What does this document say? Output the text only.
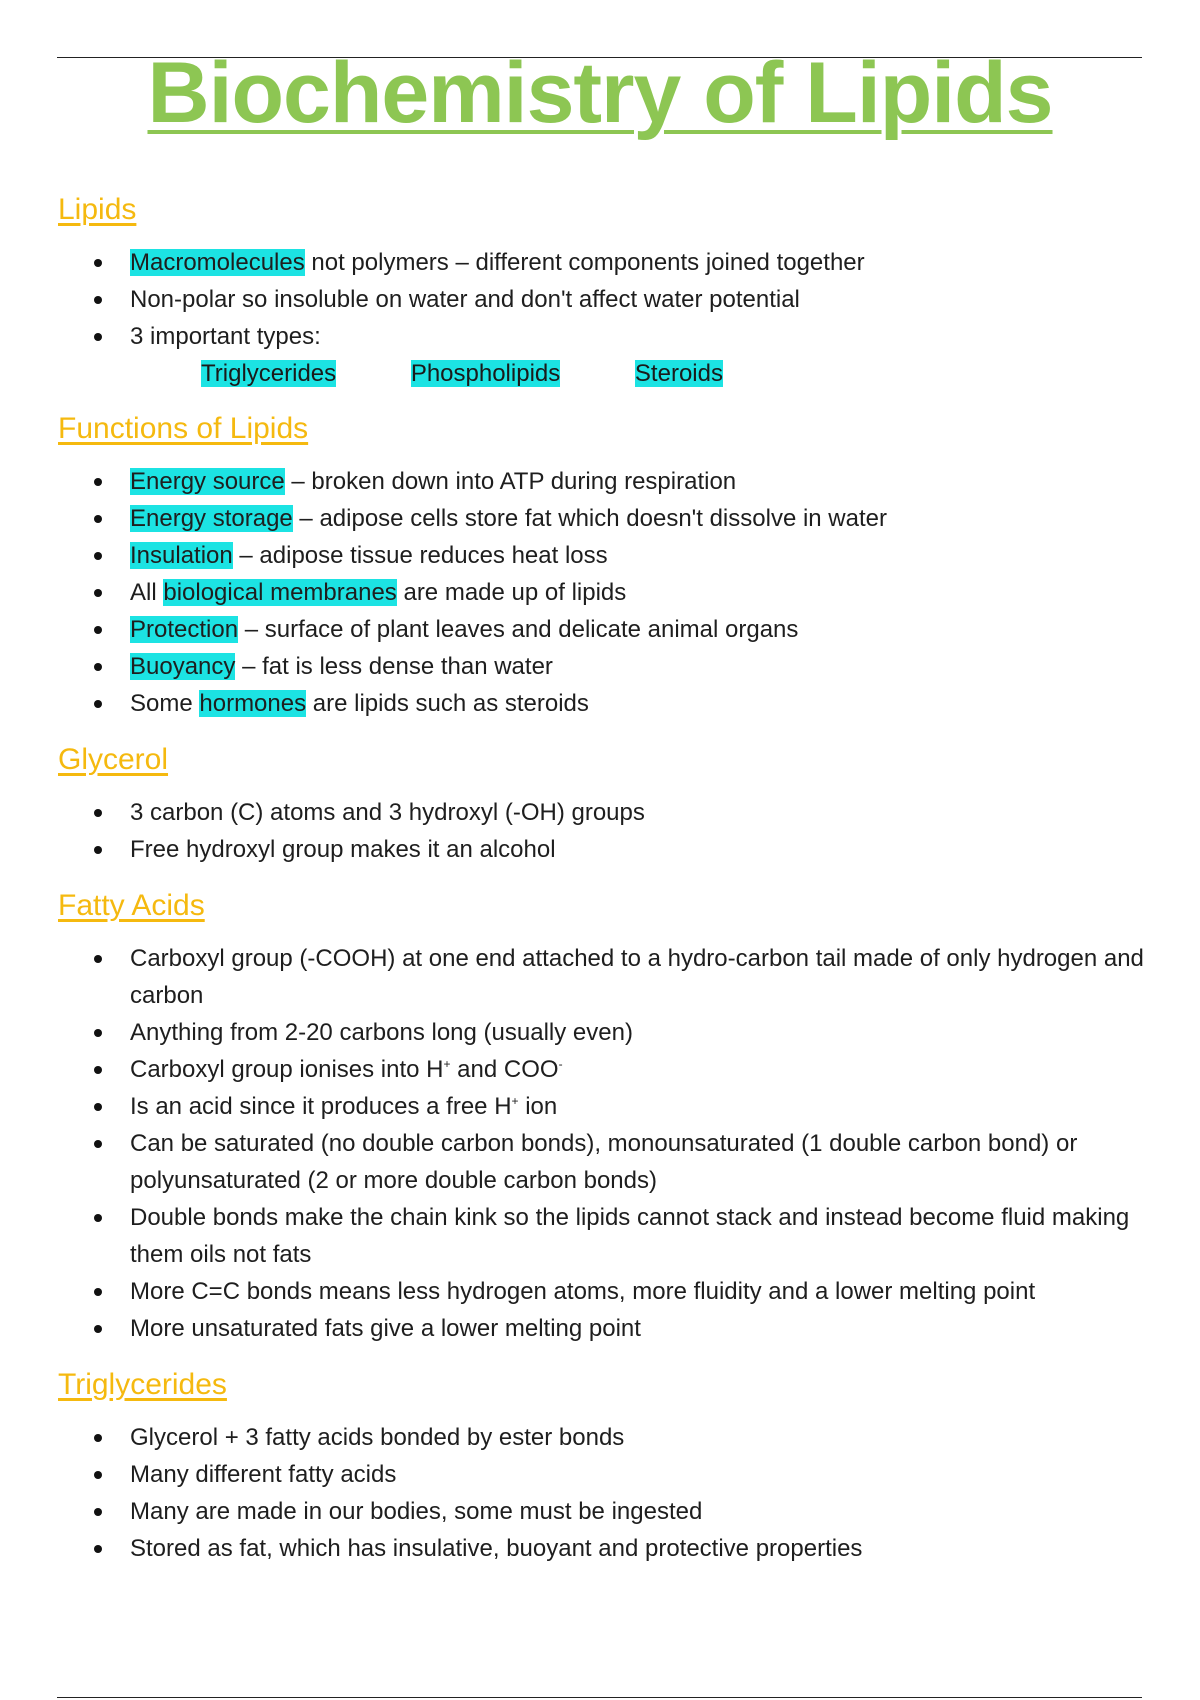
Biochemistry of Lipids
Lipids
Macromolecules not polymers – different components joined together
Non-polar so insoluble on water and don't affect water potential
3 important types:
Triglycerides	Phospholipids	Steroids
Functions of Lipids
Energy source – broken down into ATP during respiration
Energy storage – adipose cells store fat which doesn't dissolve in water
Insulation – adipose tissue reduces heat loss
All biological membranes are made up of lipids
Protection – surface of plant leaves and delicate animal organs
Buoyancy – fat is less dense than water
Some hormones are lipids such as steroids
Glycerol
3 carbon (C) atoms and 3 hydroxyl (-OH) groups
Free hydroxyl group makes it an alcohol
Fatty Acids
Carboxyl group (-COOH) at one end attached to a hydro-carbon tail made of only hydrogen and carbon
Anything from 2-20 carbons long (usually even)
Carboxyl group ionises into H+ and COO-
Is an acid since it produces a free H+ ion
Can be saturated (no double carbon bonds), monounsaturated (1 double carbon bond) or polyunsaturated (2 or more double carbon bonds)
Double bonds make the chain kink so the lipids cannot stack and instead become fluid making them oils not fats
More C=C bonds means less hydrogen atoms, more fluidity and a lower melting point
More unsaturated fats give a lower melting point
Triglycerides
Glycerol + 3 fatty acids bonded by ester bonds
Many different fatty acids
Many are made in our bodies, some must be ingested
Stored as fat, which has insulative, buoyant and protective properties
